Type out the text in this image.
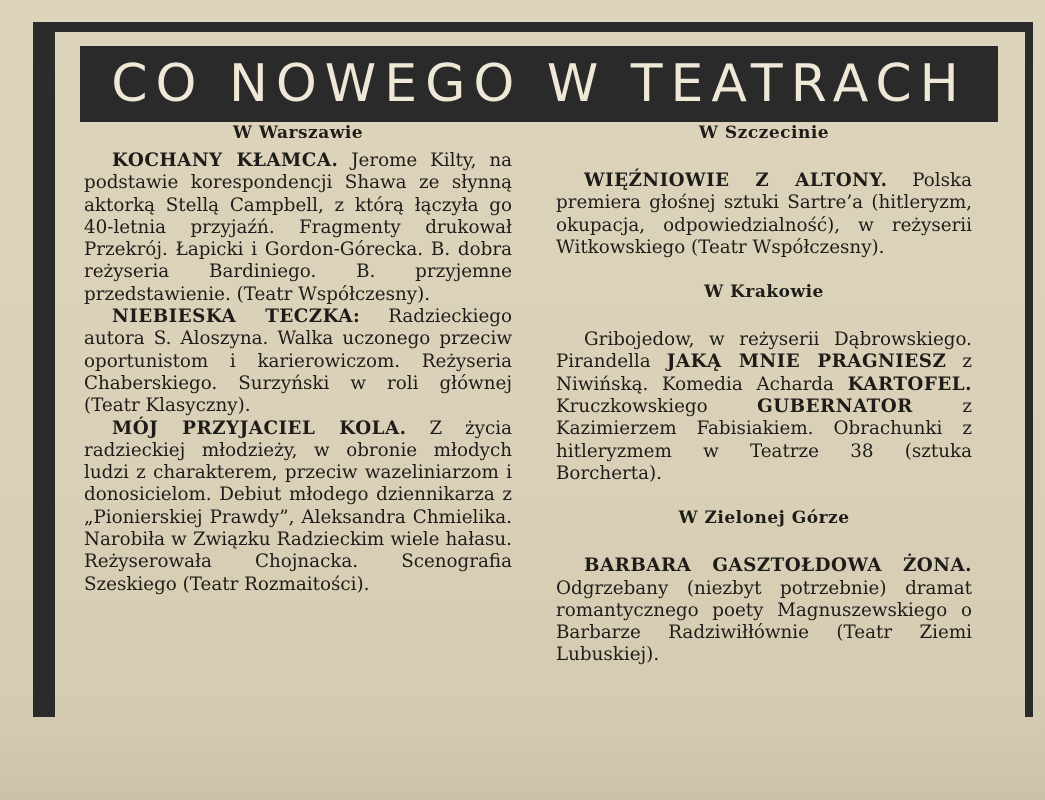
CO NOWEGO W TEATRACH

W Warszawie

KOCHANY KŁAMCA. Jerome Kilty, na podstawie korespondencji Shawa ze słynną aktorką Stellą Campbell, z którą łączyła go 40-letnia przyjaźń. Fragmenty drukował Przekrój. Łapicki i Gordon-Górecka. B. dobra reżyseria Bardiniego. B. przyjemne przedstawienie. (Teatr Współczesny).

NIEBIESKA TECZKA: Radzieckiego autora S. Aloszyna. Walka uczonego przeciw oportunistom i karierowiczom. Reżyseria Chaberskiego. Surzyński w roli głównej (Teatr Klasyczny).

MÓJ PRZYJACIEL KOLA. Z życia radzieckiej młodzieży, w obronie młodych ludzi z charakterem, przeciw wazeliniarzom i donosicielom. Debiut młodego dziennikarza z „Pionierskiej Prawdy”, Aleksandra Chmielika. Narobiła w Związku Radzieckim wiele hałasu. Reżyserowała Chojnacka. Scenografia Szeskiego (Teatr Rozmaitości).

W Szczecinie

WIĘŹNIOWIE Z ALTONY. Polska premiera głośnej sztuki Sartre’a (hitleryzm, okupacja, odpowiedzialność), w reżyserii Witkowskiego (Teatr Współczesny).

W Krakowie

Gribojedow, w reżyserii Dąbrowskiego. Pirandella JAKĄ MNIE PRAGNIESZ z Niwińską. Komedia Acharda KARTOFEL. Kruczkowskiego GUBERNATOR z Kazimierzem Fabisiakiem. Obrachunki z hitleryzmem w Teatrze 38 (sztuka Borcherta).

W Zielonej Górze

BARBARA GASZTOŁDOWA ŻONA. Odgrzebany (niezbyt potrzebnie) dramat romantycznego poety Magnuszewskiego o Barbarze Radziwiłłównie (Teatr Ziemi Lubuskiej).
